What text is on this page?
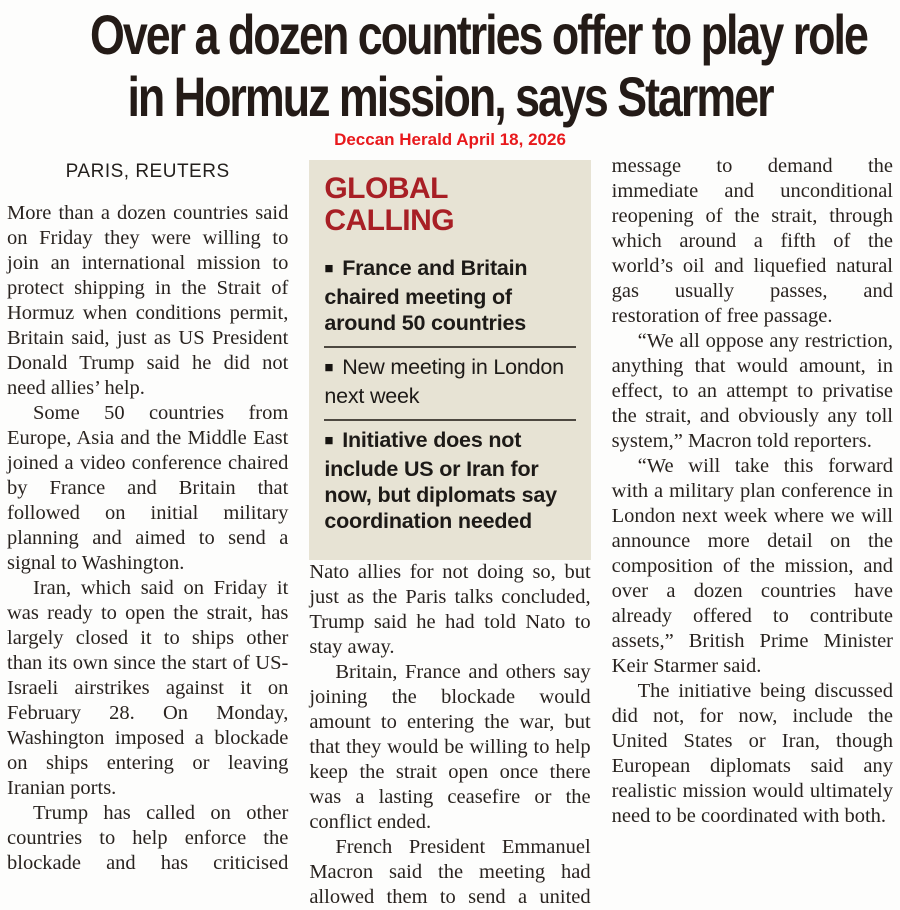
Over a dozen countries offer to play role
in Hormuz mission, says Starmer
Deccan Herald April 18, 2026
PARIS, REUTERS

More than a dozen countries said on Friday they were willing to join an international mission to protect shipping in the Strait of Hormuz when conditions permit, Britain said, just as US President Donald Trump said he did not need allies’ help.

Some 50 countries from Europe, Asia and the Middle East joined a video conference chaired by France and Britain that followed on initial military planning and aimed to send a signal to Washington.

Iran, which said on Friday it was ready to open the strait, has largely closed it to ships other than its own since the start of US-Israeli airstrikes against it on February 28. On Monday, Washington imposed a blockade on ships entering or leaving Iranian ports.

Trump has called on other countries to help enforce the blockade and has criticised

GLOBAL CALLING
■ France and Britain chaired meeting of around 50 countries
■ New meeting in London next week
■ Initiative does not include US or Iran for now, but diplomats say coordination needed

Nato allies for not doing so, but just as the Paris talks concluded, Trump said he had told Nato to stay away.

Britain, France and others say joining the blockade would amount to entering the war, but that they would be willing to help keep the strait open once there was a lasting ceasefire or the conflict ended.

French President Emmanuel Macron said the meeting had allowed them to send a united

message to demand the immediate and unconditional reopening of the strait, through which around a fifth of the world’s oil and liquefied natural gas usually passes, and restoration of free passage.

“We all oppose any restriction, anything that would amount, in effect, to an attempt to privatise the strait, and obviously any toll system,” Macron told reporters.

“We will take this forward with a military plan conference in London next week where we will announce more detail on the composition of the mission, and over a dozen countries have already offered to contribute assets,” British Prime Minister Keir Starmer said.

The initiative being discussed did not, for now, include the United States or Iran, though European diplomats said any realistic mission would ultimately need to be coordinated with both.
